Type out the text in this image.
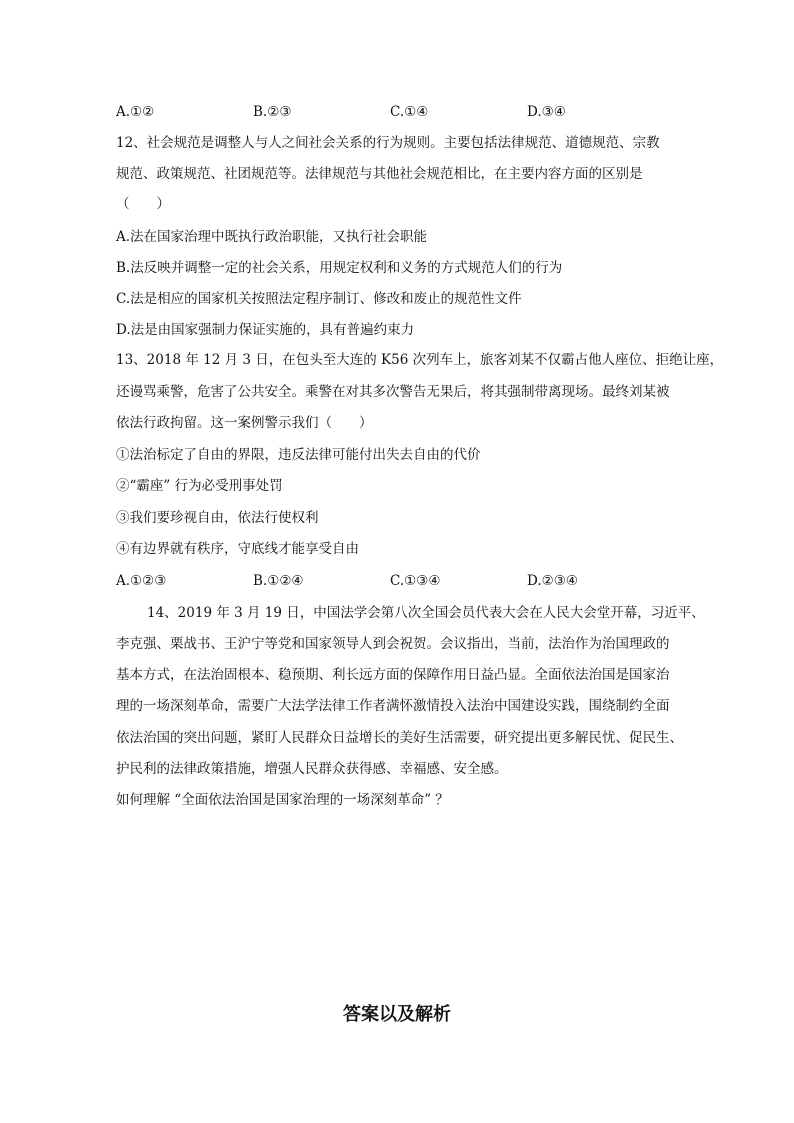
A.①②	B.②③	C.①④	D.③④
12、社会规范是调整人与人之间社会关系的行为规则。主要包括法律规范、道德规范、宗教
规范、政策规范、社团规范等。法律规范与其他社会规范相比，在主要内容方面的区别是
（　　）
A.法在国家治理中既执行政治职能，又执行社会职能
B.法反映并调整一定的社会关系，用规定权利和义务的方式规范人们的行为
C.法是相应的国家机关按照法定程序制订、修改和废止的规范性文件
D.法是由国家强制力保证实施的，具有普遍约束力
13、2018 年 12 月 3 日，在包头至大连的 K56 次列车上，旅客刘某不仅霸占他人座位、拒绝让座，
还谩骂乘警，危害了公共安全。乘警在对其多次警告无果后，将其强制带离现场。最终刘某被
依法行政拘留。这一案例警示我们（　　）
①法治标定了自由的界限，违反法律可能付出失去自由的代价
②“霸座” 行为必受刑事处罚
③我们要珍视自由，依法行使权利
④有边界就有秩序，守底线才能享受自由
A.①②③	B.①②④	C.①③④	D.②③④
14、2019 年 3 月 19 日，中国法学会第八次全国会员代表大会在人民大会堂开幕，习近平、
李克强、栗战书、王沪宁等党和国家领导人到会祝贺。会议指出，当前，法治作为治国理政的
基本方式，在法治固根本、稳预期、利长远方面的保障作用日益凸显。全面依法治国是国家治
理的一场深刻革命，需要广大法学法律工作者满怀激情投入法治中国建设实践，围绕制约全面
依法治国的突出问题，紧盯人民群众日益增长的美好生活需要，研究提出更多解民忧、促民生、
护民利的法律政策措施，增强人民群众获得感、幸福感、安全感。
如何理解 “全面依法治国是国家治理的一场深刻革命” ？
答案以及解析
